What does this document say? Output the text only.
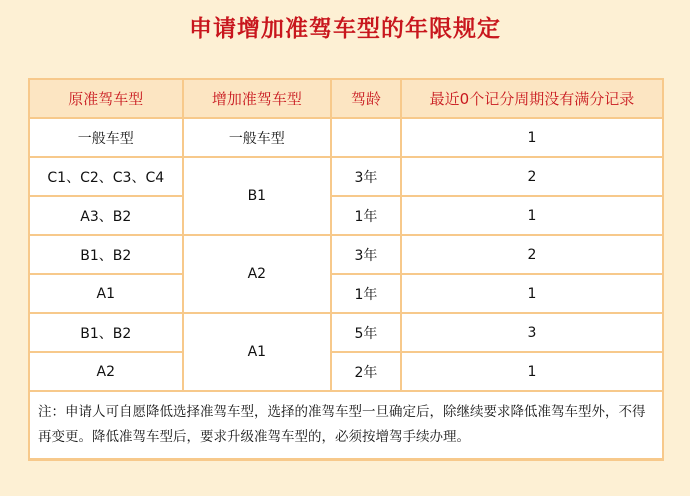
申请增加准驾车型的年限规定
原准驾车型	增加准驾车型	驾龄	最近0个记分周期没有满分记录
一般车型	一般车型		1
C1、C2、C3、C4	B1	3年	2
A3、B2		1年	1
B1、B2	A2	3年	2
A1		1年	1
B1、B2	A1	5年	3
A2		2年	1
注：申请人可自愿降低选择准驾车型，选择的准驾车型一旦确定后，除继续要求降低准驾车型外，不得再变更。降低准驾车型后，要求升级准驾车型的，必须按增驾手续办理。			
